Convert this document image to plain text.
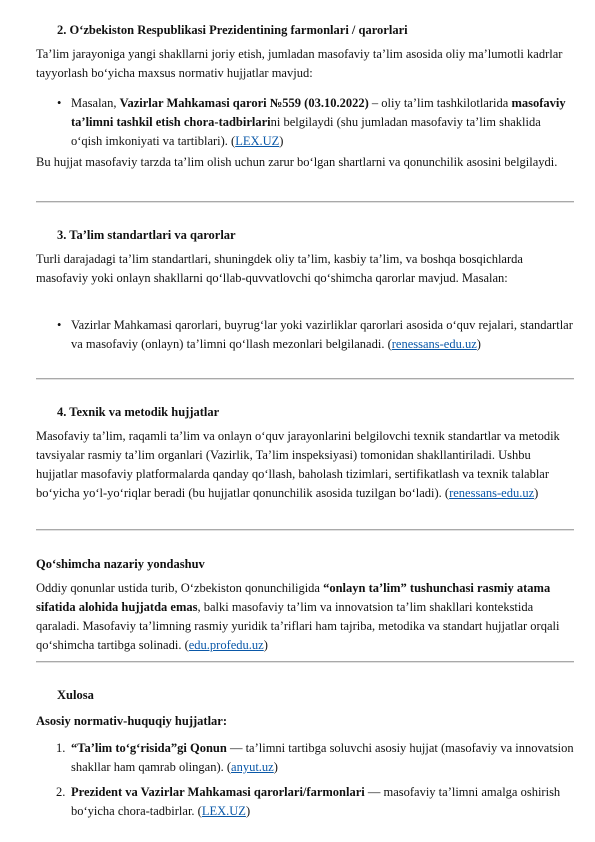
2. O‘zbekiston Respublikasi Prezidentining farmonlari / qarorlari

Ta’lim jarayoniga yangi shakllarni joriy etish, jumladan masofaviy ta’lim asosida oliy ma’lumotli kadrlar tayyorlash bo‘yicha maxsus normativ hujjatlar mavjud:

• Masalan, Vazirlar Mahkamasi qarori №559 (03.10.2022) – oliy ta’lim tashkilotlarida masofaviy ta’limni tashkil etish chora-tadbirlarini belgilaydi (shu jumladan masofaviy ta’lim shaklida o‘qish imkoniyati va tartiblari). (LEX.UZ)

Bu hujjat masofaviy tarzda ta’lim olish uchun zarur bo‘lgan shartlarni va qonunchilik asosini belgilaydi.

3. Ta’lim standartlari va qarorlar

Turli darajadagi ta’lim standartlari, shuningdek oliy ta’lim, kasbiy ta’lim, va boshqa bosqichlarda masofaviy yoki onlayn shakllarni qo‘llab-quvvatlovchi qo‘shimcha qarorlar mavjud. Masalan:

• Vazirlar Mahkamasi qarorlari, buyrug‘lar yoki vazirliklar qarorlari asosida o‘quv rejalari, standartlar va masofaviy (onlayn) ta’limni qo‘llash mezonlari belgilanadi. (renessans-edu.uz)

4. Texnik va metodik hujjatlar

Masofaviy ta’lim, raqamli ta’lim va onlayn o‘quv jarayonlarini belgilovchi texnik standartlar va metodik tavsiyalar rasmiy ta’lim organlari (Vazirlik, Ta’lim inspeksiyasi) tomonidan shakllantiriladi. Ushbu hujjatlar masofaviy platformalarda qanday qo‘llash, baholash tizimlari, sertifikatlash va texnik talablar bo‘yicha yo‘l-yo‘riqlar beradi (bu hujjatlar qonunchilik asosida tuzilgan bo‘ladi). (renessans-edu.uz)

Qo‘shimcha nazariy yondashuv

Oddiy qonunlar ustida turib, O‘zbekiston qonunchiligida “onlayn ta’lim” tushunchasi rasmiy atama sifatida alohida hujjatda emas, balki masofaviy ta’lim va innovatsion ta’lim shakllari kontekstida qaraladi. Masofaviy ta’limning rasmiy yuridik ta’riflari ham tajriba, metodika va standart hujjatlar orqali qo‘shimcha tartibga solinadi. (edu.profedu.uz)

Xulosa

Asosiy normativ-huquqiy hujjatlar:

1. “Ta’lim to‘g‘risida”gi Qonun — ta’limni tartibga soluvchi asosiy hujjat (masofaviy va innovatsion shakllar ham qamrab olingan). (anyut.uz)
2. Prezident va Vazirlar Mahkamasi qarorlari/farmonlari — masofaviy ta’limni amalga oshirish bo‘yicha chora-tadbirlar. (LEX.UZ)
